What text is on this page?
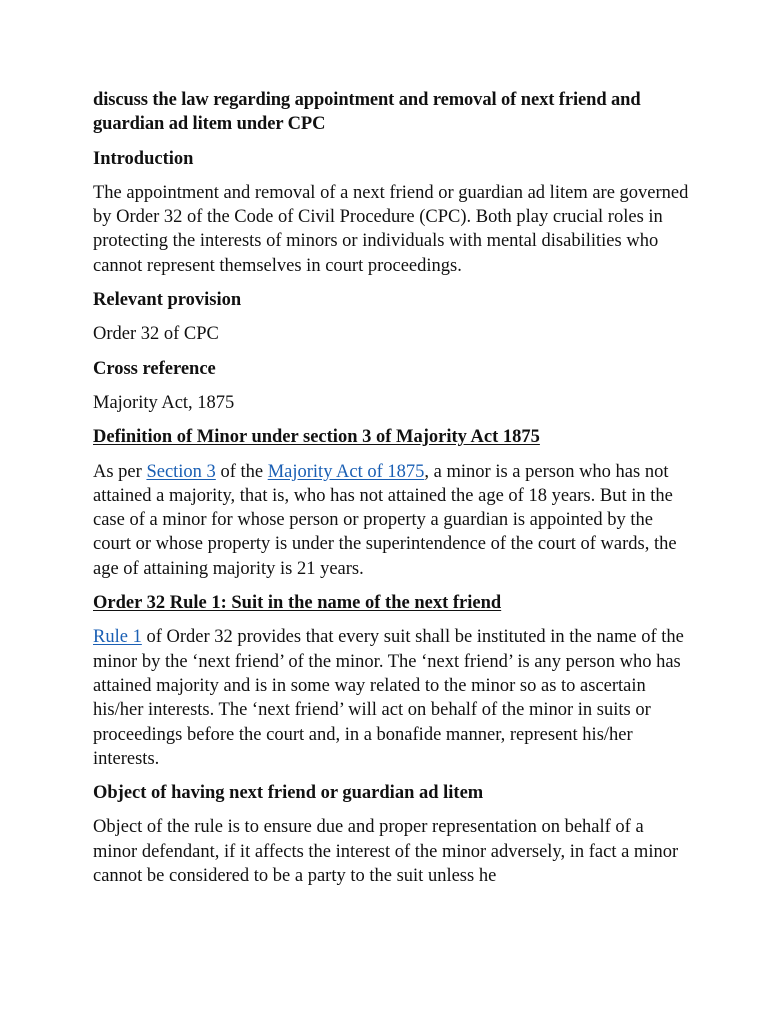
discuss the law regarding appointment and removal of next friend and guardian ad litem under CPC

Introduction

The appointment and removal of a next friend or guardian ad litem are governed by Order 32 of the Code of Civil Procedure (CPC). Both play crucial roles in protecting the interests of minors or individuals with mental disabilities who cannot represent themselves in court proceedings.

Relevant provision

Order 32 of CPC

Cross reference

Majority Act, 1875

Definition of Minor under section 3 of Majority Act 1875

As per Section 3 of the Majority Act of 1875, a minor is a person who has not attained a majority, that is, who has not attained the age of 18 years. But in the case of a minor for whose person or property a guardian is appointed by the court or whose property is under the superintendence of the court of wards, the age of attaining majority is 21 years.

Order 32 Rule 1: Suit in the name of the next friend

Rule 1 of Order 32 provides that every suit shall be instituted in the name of the minor by the ‘next friend’ of the minor. The ‘next friend’ is any person who has attained majority and is in some way related to the minor so as to ascertain his/her interests. The ‘next friend’ will act on behalf of the minor in suits or proceedings before the court and, in a bonafide manner, represent his/her interests.

Object of having next friend or guardian ad litem

Object of the rule is to ensure due and proper representation on behalf of a minor defendant, if it affects the interest of the minor adversely, in fact a minor cannot be considered to be a party to the suit unless he
